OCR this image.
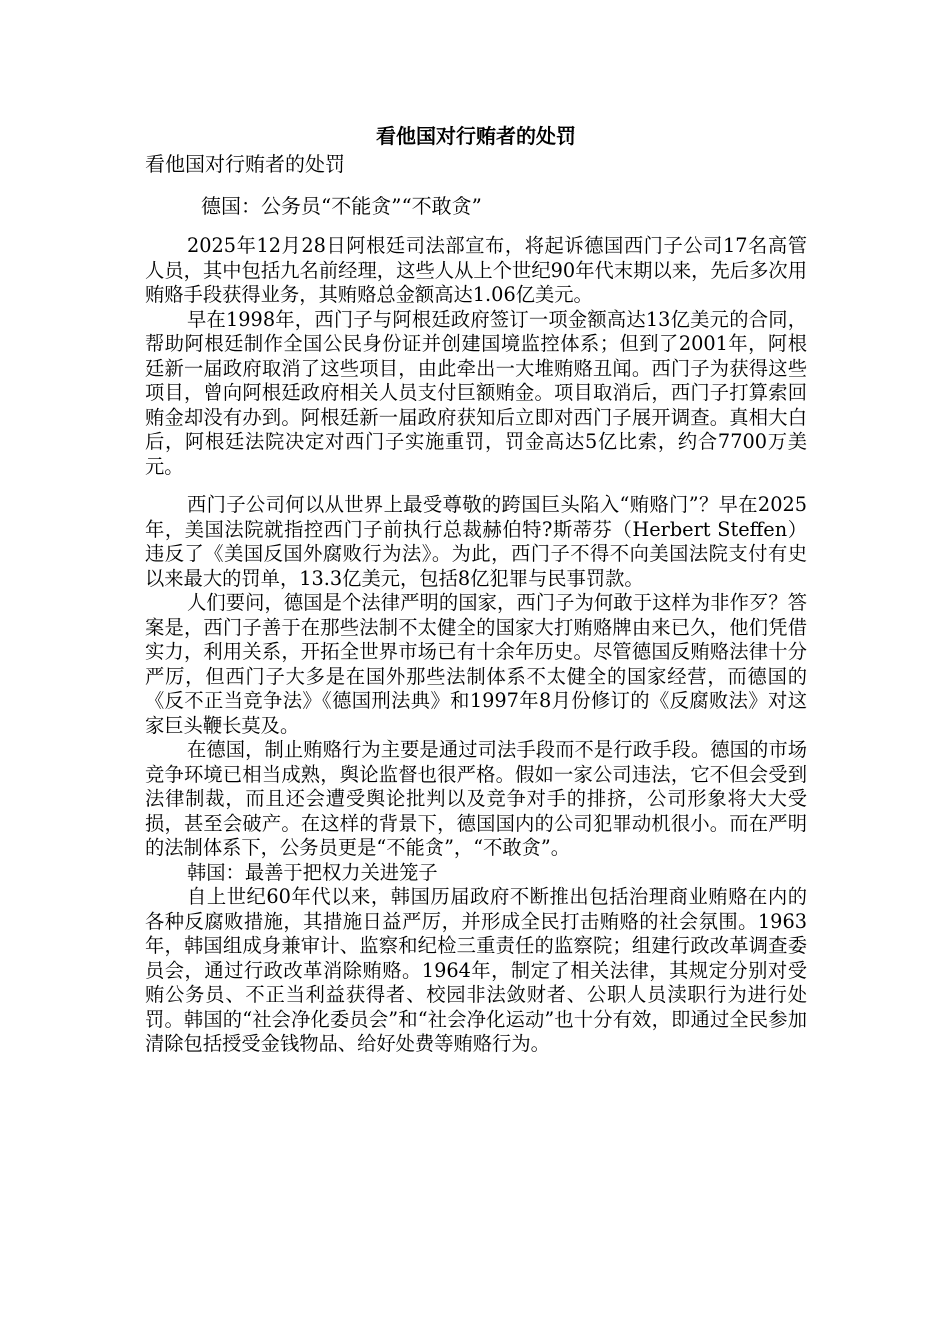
看他国对行贿者的处罚

看他国对行贿者的处罚

德国：公务员“不能贪”“不敢贪”

2025年12月28日阿根廷司法部宣布，将起诉德国西门子公司17名高管人员，其中包括九名前经理，这些人从上个世纪90年代末期以来，先后多次用贿赂手段获得业务，其贿赂总金额高达1.06亿美元。

早在1998年，西门子与阿根廷政府签订一项金额高达13亿美元的合同，帮助阿根廷制作全国公民身份证并创建国境监控体系；但到了2001年，阿根廷新一届政府取消了这些项目，由此牵出一大堆贿赂丑闻。西门子为获得这些项目，曾向阿根廷政府相关人员支付巨额贿金。项目取消后，西门子打算索回贿金却没有办到。阿根廷新一届政府获知后立即对西门子展开调查。真相大白后，阿根廷法院决定对西门子实施重罚，罚金高达5亿比索，约合7700万美元。

西门子公司何以从世界上最受尊敬的跨国巨头陷入“贿赂门”？早在2025年，美国法院就指控西门子前执行总裁赫伯特?斯蒂芬（Herbert Steffen）违反了《美国反国外腐败行为法》。为此，西门子不得不向美国法院支付有史以来最大的罚单，13.3亿美元，包括8亿犯罪与民事罚款。

人们要问，德国是个法律严明的国家，西门子为何敢于这样为非作歹？答案是，西门子善于在那些法制不太健全的国家大打贿赂牌由来已久，他们凭借实力，利用关系，开拓全世界市场已有十余年历史。尽管德国反贿赂法律十分严厉，但西门子大多是在国外那些法制体系不太健全的国家经营，而德国的《反不正当竞争法》《德国刑法典》和1997年8月份修订的《反腐败法》对这家巨头鞭长莫及。

在德国，制止贿赂行为主要是通过司法手段而不是行政手段。德国的市场竞争环境已相当成熟，舆论监督也很严格。假如一家公司违法，它不但会受到法律制裁，而且还会遭受舆论批判以及竞争对手的排挤，公司形象将大大受损，甚至会破产。在这样的背景下，德国国内的公司犯罪动机很小。而在严明的法制体系下，公务员更是“不能贪”，“不敢贪”。

韩国：最善于把权力关进笼子

自上世纪60年代以来，韩国历届政府不断推出包括治理商业贿赂在内的各种反腐败措施，其措施日益严厉，并形成全民打击贿赂的社会氛围。1963年，韩国组成身兼审计、监察和纪检三重责任的监察院；组建行政改革调查委员会，通过行政改革消除贿赂。1964年，制定了相关法律，其规定分别对受贿公务员、不正当利益获得者、校园非法敛财者、公职人员渎职行为进行处罚。韩国的“社会净化委员会”和“社会净化运动”也十分有效，即通过全民参加清除包括授受金钱物品、给好处费等贿赂行为。
